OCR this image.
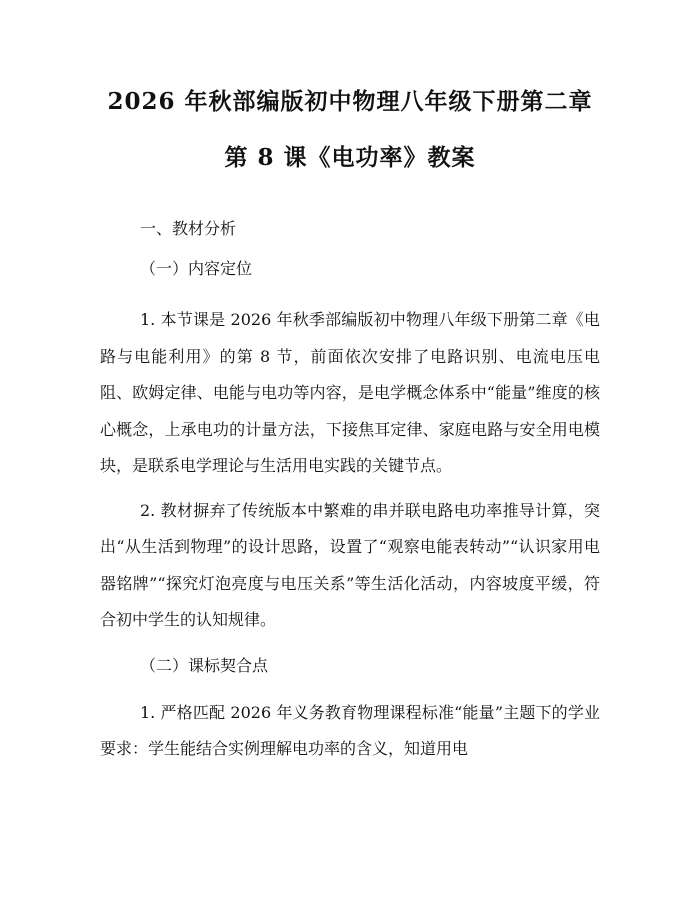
2026 年秋部编版初中物理八年级下册第二章
第 8 课《电功率》教案

一、教材分析

（一）内容定位

1. 本节课是 2026 年秋季部编版初中物理八年级下册第二章《电路与电能利用》的第 8 节，前面依次安排了电路识别、电流电压电阻、欧姆定律、电能与电功等内容，是电学概念体系中“能量”维度的核心概念，上承电功的计量方法，下接焦耳定律、家庭电路与安全用电模块，是联系电学理论与生活用电实践的关键节点。

2. 教材摒弃了传统版本中繁难的串并联电路电功率推导计算，突出“从生活到物理”的设计思路，设置了“观察电能表转动”“认识家用电器铭牌”“探究灯泡亮度与电压关系”等生活化活动，内容坡度平缓，符合初中学生的认知规律。

（二）课标契合点

1. 严格匹配 2026 年义务教育物理课程标准“能量”主题下的学业要求：学生能结合实例理解电功率的含义，知道用电
